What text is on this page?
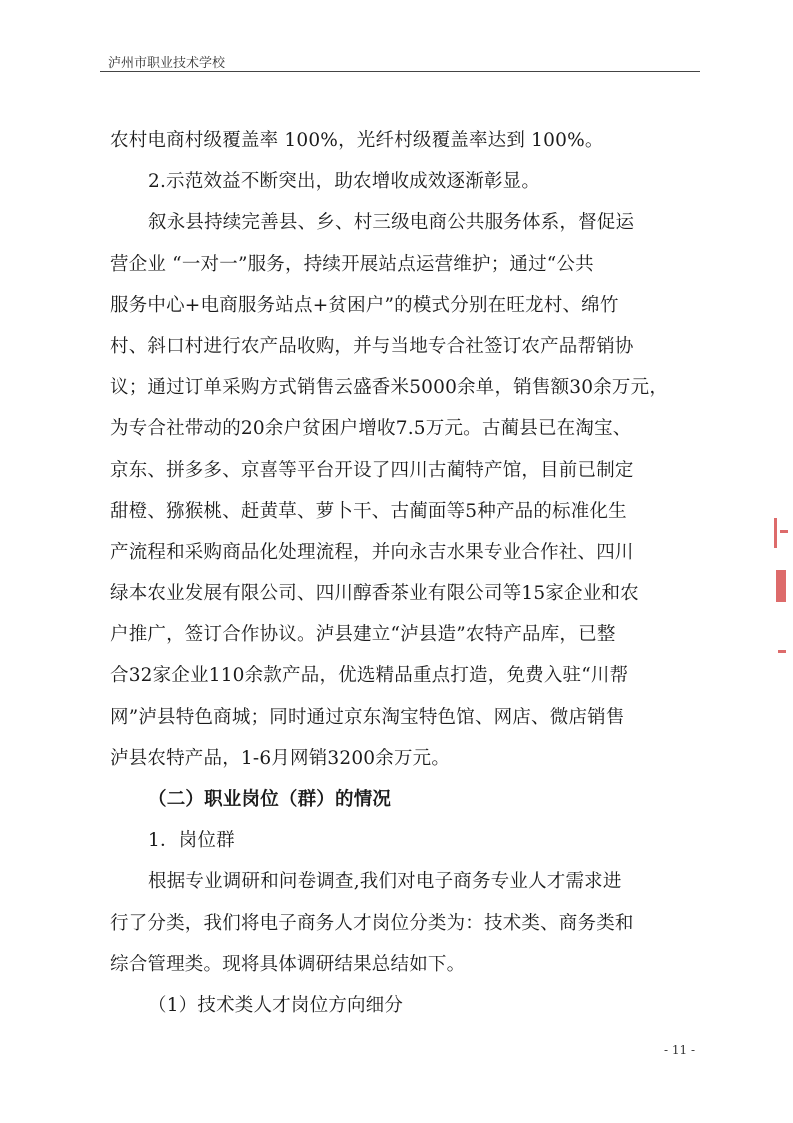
泸州市职业技术学校
农村电商村级覆盖率 100%，光纤村级覆盖率达到 100%。
2.示范效益不断突出，助农增收成效逐渐彰显。
叙永县持续完善县、乡、村三级电商公共服务体系，督促运
营企业 “一对一”服务，持续开展站点运营维护；通过“公共
服务中心+电商服务站点+贫困户”的模式分别在旺龙村、绵竹
村、斜口村进行农产品收购，并与当地专合社签订农产品帮销协
议；通过订单采购方式销售云盛香米5000余单，销售额30余万元，
为专合社带动的20余户贫困户增收7.5万元。古蔺县已在淘宝、
京东、拼多多、京喜等平台开设了四川古蔺特产馆，目前已制定
甜橙、猕猴桃、赶黄草、萝卜干、古蔺面等5种产品的标准化生
产流程和采购商品化处理流程，并向永吉水果专业合作社、四川
绿本农业发展有限公司、四川醇香茶业有限公司等15家企业和农
户推广，签订合作协议。泸县建立“泸县造”农特产品库，已整
合32家企业110余款产品，优选精品重点打造，免费入驻“川帮
网”泸县特色商城；同时通过京东淘宝特色馆、网店、微店销售
泸县农特产品，1-6月网销3200余万元。
（二）职业岗位（群）的情况
1．岗位群
根据专业调研和问卷调查,我们对电子商务专业人才需求进
行了分类，我们将电子商务人才岗位分类为：技术类、商务类和
综合管理类。现将具体调研结果总结如下。
（1）技术类人才岗位方向细分
- 11 -
